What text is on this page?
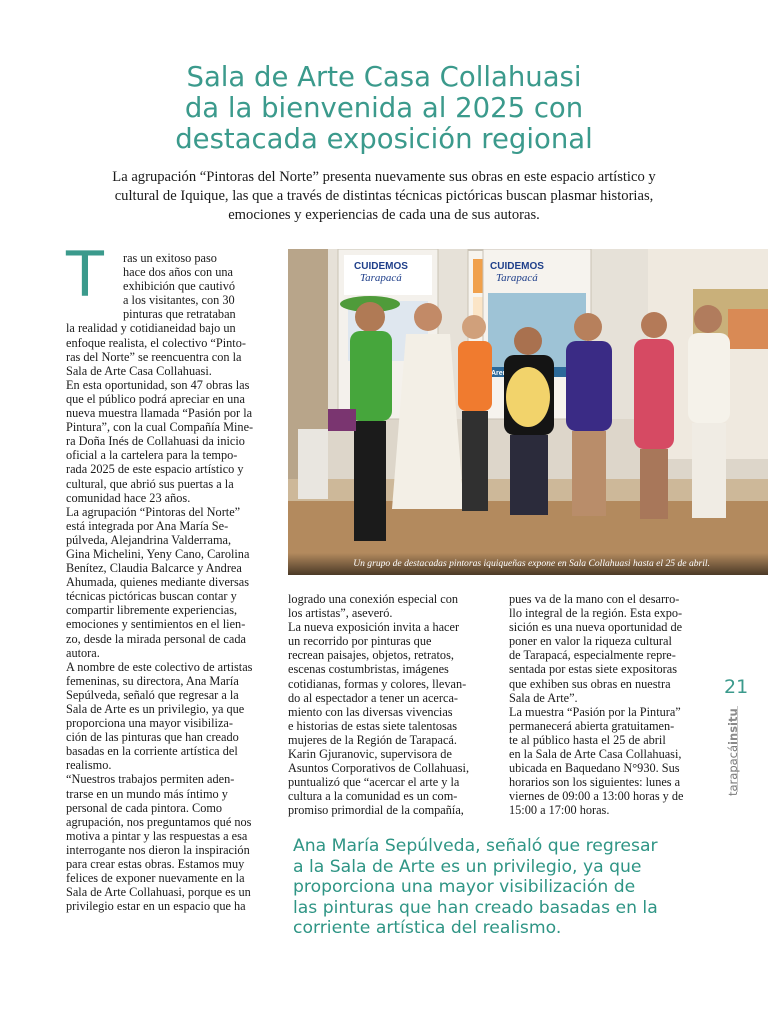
Sala de Arte Casa Collahuasi
da la bienvenida al 2025 con
destacada exposición regional

La agrupación “Pintoras del Norte” presenta nuevamente sus obras en este espacio artístico y
cultural de Iquique, las que a través de distintas técnicas pictóricas buscan plasmar historias,
emociones y experiencias de cada una de sus autoras.

T	ras un exitoso paso
hace dos años con una
exhibición que cautivó
a los visitantes, con 30
pinturas que retrataban
la realidad y cotidianeidad bajo un
enfoque realista, el colectivo “Pinto-
ras del Norte” se reencuentra con la
Sala de Arte Casa Collahuasi.
En esta oportunidad, son 47 obras las
que el público podrá apreciar en una
nueva muestra llamada “Pasión por la
Pintura”, con la cual Compañía Mine-
ra Doña Inés de Collahuasi da inicio
oficial a la cartelera para la tempo-
rada 2025 de este espacio artístico y
cultural, que abrió sus puertas a la
comunidad hace 23 años.
La agrupación “Pintoras del Norte”
está integrada por Ana María Se-
púlveda, Alejandrina Valderrama,
Gina Michelini, Yeny Cano, Carolina
Benítez, Claudia Balcarce y Andrea
Ahumada, quienes mediante diversas
técnicas pictóricas buscan contar y
compartir libremente experiencias,
emociones y sentimientos en el lien-
zo, desde la mirada personal de cada
autora.
A nombre de este colectivo de artistas
femeninas, su directora, Ana María
Sepúlveda, señaló que regresar a la
Sala de Arte es un privilegio, ya que
proporciona una mayor visibiliza-
ción de las pinturas que han creado
basadas en la corriente artística del
realismo.
“Nuestros trabajos permiten aden-
trarse en un mundo más íntimo y
personal de cada pintora. Como
agrupación, nos preguntamos qué nos
motiva a pintar y las respuestas a esa
interrogante nos dieron la inspiración
para crear estas obras. Estamos muy
felices de exponer nuevamente en la
Sala de Arte Collahuasi, porque es un
privilegio estar en un espacio que ha
CUIDEMOS
Tarapacá
CUIDEMOS
Tarapacá
Arena
Un grupo de destacadas pintoras iquiqueñas expone en Sala Collahuasi hasta el 25 de abril.
logrado una conexión especial con
los artistas”, aseveró.
La nueva exposición invita a hacer
un recorrido por pinturas que
recrean paisajes, objetos, retratos,
escenas costumbristas, imágenes
cotidianas, formas y colores, llevan-
do al espectador a tener un acerca-
miento con las diversas vivencias
e historias de estas siete talentosas
mujeres de la Región de Tarapacá.
Karin Gjuranovic, supervisora de
Asuntos Corporativos de Collahuasi,
puntualizó que “acercar el arte y la
cultura a la comunidad es un com-
promiso primordial de la compañía,
pues va de la mano con el desarro-
llo integral de la región. Esta expo-
sición es una nueva oportunidad de
poner en valor la riqueza cultural
de Tarapacá, especialmente repre-
sentada por estas siete expositoras
que exhiben sus obras en nuestra
Sala de Arte”.
La muestra “Pasión por la Pintura”
permanecerá abierta gratuitamen-
te al público hasta el 25 de abril
en la Sala de Arte Casa Collahuasi,
ubicada en Baquedano N°930. Sus
horarios son los siguientes: lunes a
viernes de 09:00 a 13:00 horas y de
15:00 a 17:00 horas.
Ana María Sepúlveda, señaló que regresar
a la Sala de Arte es un privilegio, ya que
proporciona una mayor visibilización de
las pinturas que han creado basadas en la
corriente artística del realismo.
21
tarapacáinsitu
